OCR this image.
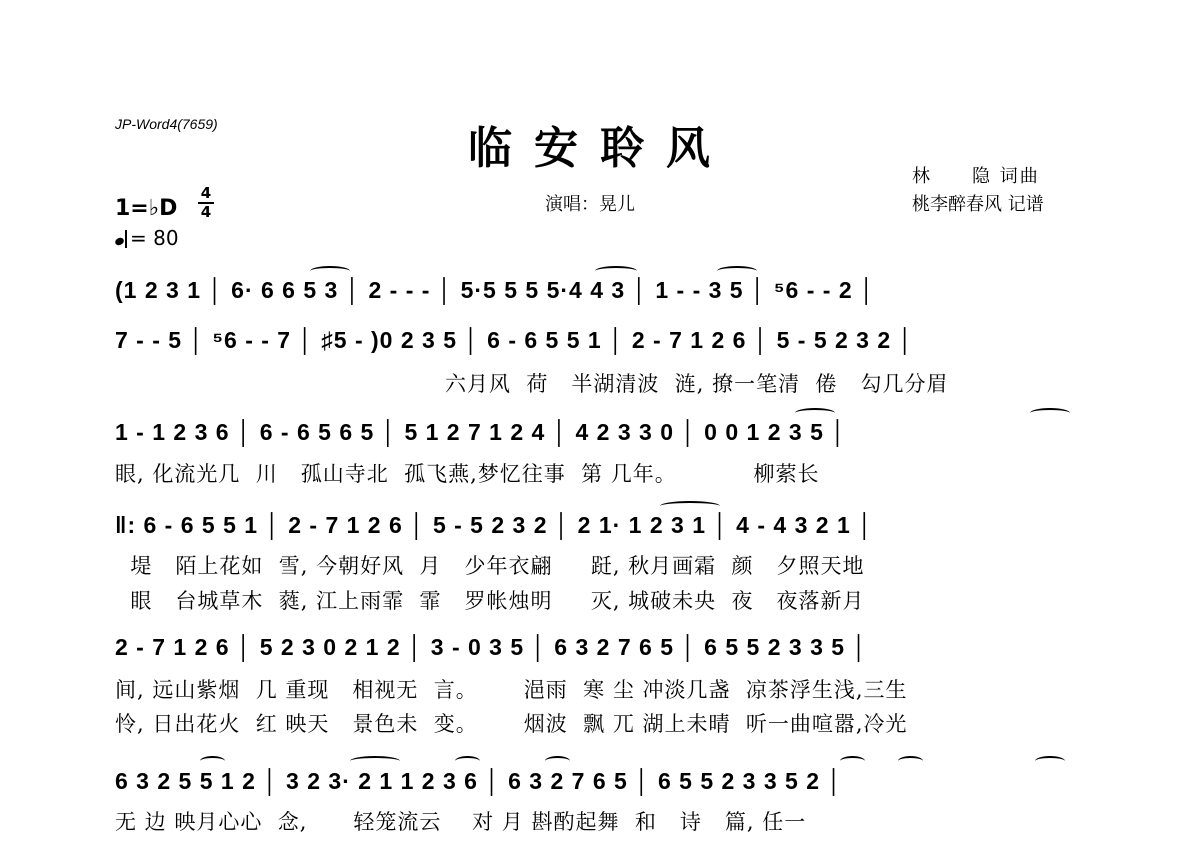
JP-Word4(7659)	临安聆风
演唱：晃儿
林　　隐 词曲
桃李醉春风 记谱
1=♭D
4
4
= 80
(1 2 3 1 │ 6· 6 6 5 3 │ 2 - - - │ 5·5 5 5 5·4 4 3 │ 1 - - 3 5 │ ⁵6 - - 2 │
7 - - 5 │ ⁵6 - - 7 │ ♯5 - )0 2 3 5 │ 6 - 6 5 5 1 │ 2 - 7 1 2 6 │ 5 - 5 2 3 2 │
六月风  荷   半湖清波  涟, 撩一笔清  倦   勾几分眉
1 - 1 2 3 6 │ 6 - 6 5 6 5 │ 5 1 2 7 1 2 4 │ 4 2 3 3 0 │ 0 0 1 2 3 5 │
眼, 化流光几  川   孤山寺北  孤飞燕,梦忆往事  第 几年。          柳萦长
‖: 6 - 6 5 5 1 │ 2 - 7 1 2 6 │ 5 - 5 2 3 2 │ 2 1· 1 2 3 1 │ 4 - 4 3 2 1 │
堤   陌上花如  雪, 今朝好风  月   少年衣翩     跹, 秋月画霜  颜   夕照天地
眼   台城草木  蕤, 江上雨霏  霏   罗帐烛明     灭, 城破未央  夜   夜落新月
2 - 7 1 2 6 │ 5 2 3 0 2 1 2 │ 3 - 0 3 5 │ 6 3 2 7 6 5 │ 6 5 5 2 3 3 5 │
间, 远山紫烟  几 重现   相视无  言。      浥雨  寒 尘 冲淡几盏  凉茶浮生浅,三生
怜, 日出花火  红 映天   景色未  变。      烟波  飘 兀 湖上未晴  听一曲喧嚣,冷光
6 3 2 5 5 1 2 │ 3 2 3· 2 1 1 2 3 6 │ 6 3 2 7 6 5 │ 6 5 5 2 3 3 5 2 │
无 边 映月心心  念,      轻笼流云    对 月 斟酌起舞  和   诗   篇, 任一
